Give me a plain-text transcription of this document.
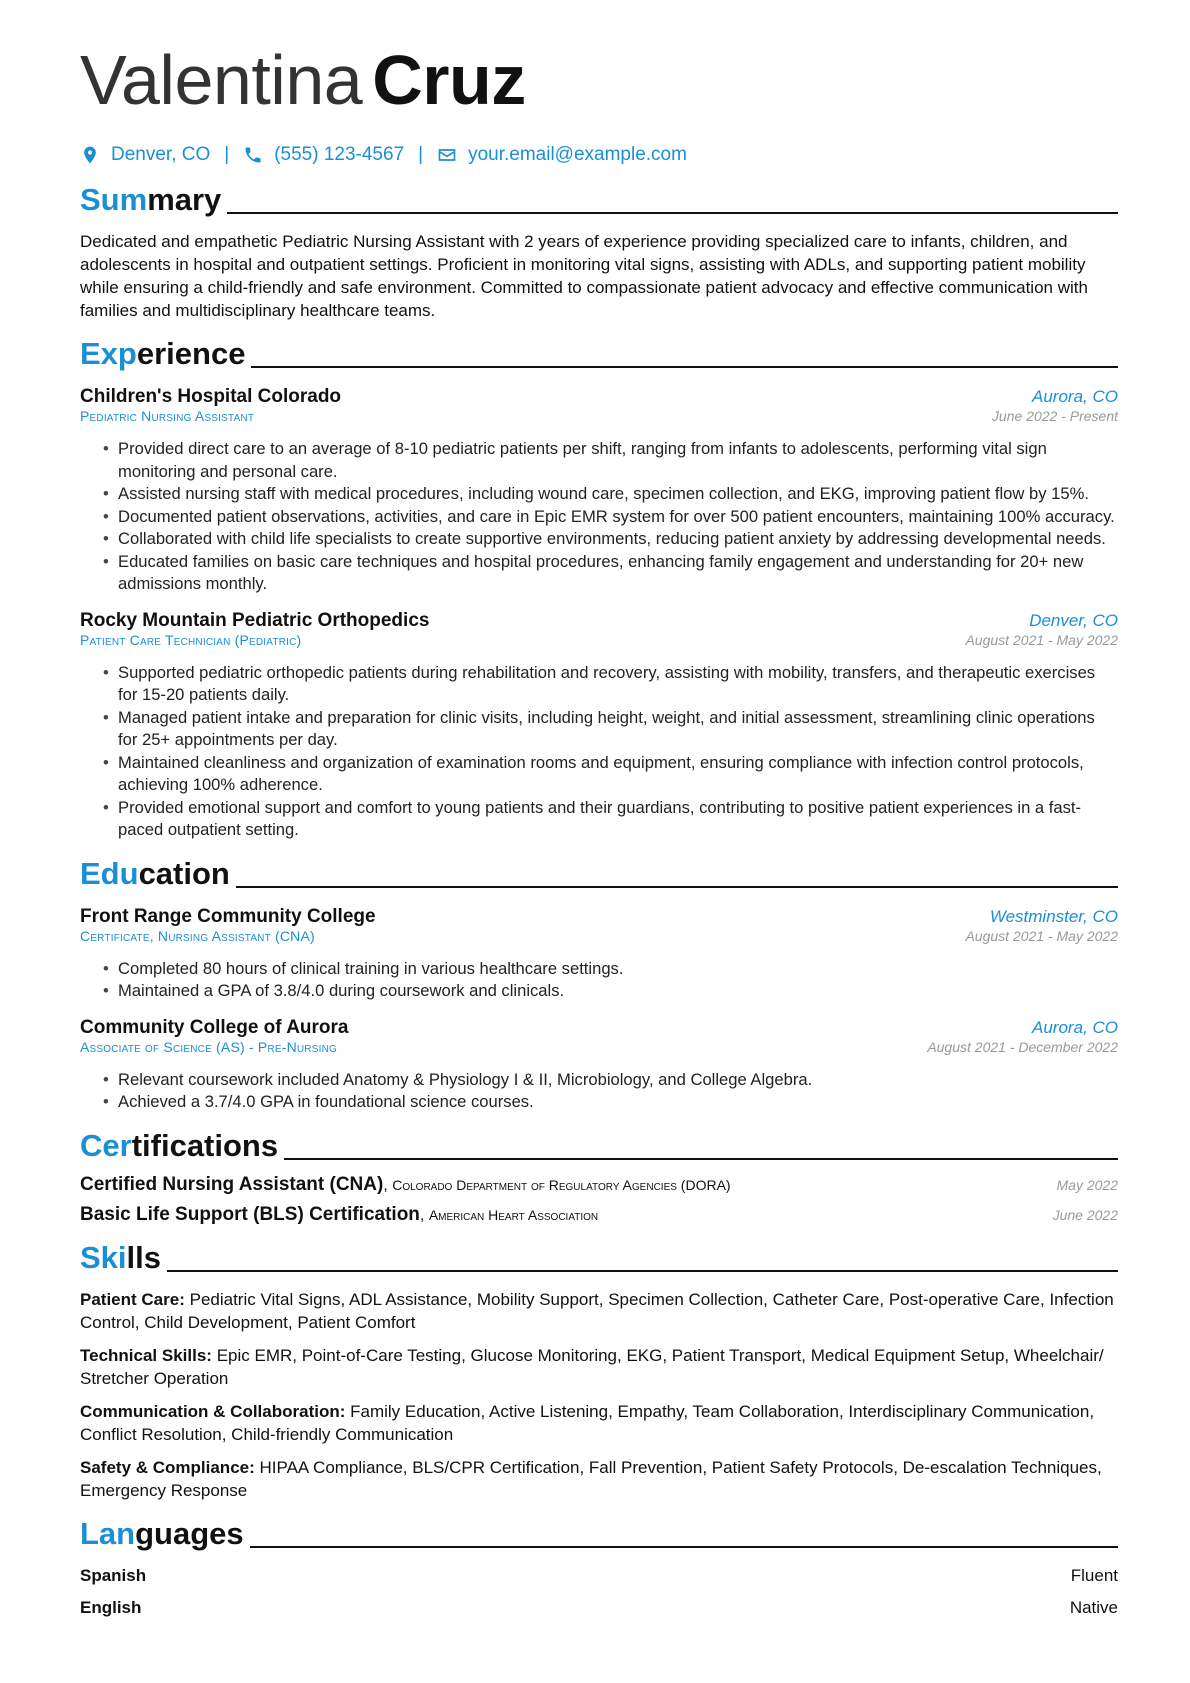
Valentina Cruz
Denver, CO | (555) 123-4567 | your.email@example.com
Summary
Dedicated and empathetic Pediatric Nursing Assistant with 2 years of experience providing specialized care to infants, children, and adolescents in hospital and outpatient settings. Proficient in monitoring vital signs, assisting with ADLs, and supporting patient mobility while ensuring a child-friendly and safe environment. Committed to compassionate patient advocacy and effective communication with families and multidisciplinary healthcare teams.
Experience
Children's Hospital Colorado	Aurora, CO
Pediatric Nursing Assistant	June 2022 - Present
• Provided direct care to an average of 8-10 pediatric patients per shift, ranging from infants to adolescents, performing vital sign monitoring and personal care.
• Assisted nursing staff with medical procedures, including wound care, specimen collection, and EKG, improving patient flow by 15%.
• Documented patient observations, activities, and care in Epic EMR system for over 500 patient encounters, maintaining 100% accuracy.
• Collaborated with child life specialists to create supportive environments, reducing patient anxiety by addressing developmental needs.
• Educated families on basic care techniques and hospital procedures, enhancing family engagement and understanding for 20+ new admissions monthly.
Rocky Mountain Pediatric Orthopedics	Denver, CO
Patient Care Technician (Pediatric)	August 2021 - May 2022
• Supported pediatric orthopedic patients during rehabilitation and recovery, assisting with mobility, transfers, and therapeutic exercises for 15-20 patients daily.
• Managed patient intake and preparation for clinic visits, including height, weight, and initial assessment, streamlining clinic operations for 25+ appointments per day.
• Maintained cleanliness and organization of examination rooms and equipment, ensuring compliance with infection control protocols, achieving 100% adherence.
• Provided emotional support and comfort to young patients and their guardians, contributing to positive patient experiences in a fast-paced outpatient setting.
Education
Front Range Community College	Westminster, CO
Certificate, Nursing Assistant (CNA)	August 2021 - May 2022
• Completed 80 hours of clinical training in various healthcare settings.
• Maintained a GPA of 3.8/4.0 during coursework and clinicals.
Community College of Aurora	Aurora, CO
Associate of Science (AS) - Pre-Nursing	August 2021 - December 2022
• Relevant coursework included Anatomy & Physiology I & II, Microbiology, and College Algebra.
• Achieved a 3.7/4.0 GPA in foundational science courses.
Certifications
Certified Nursing Assistant (CNA), Colorado Department of Regulatory Agencies (DORA)	May 2022
Basic Life Support (BLS) Certification, American Heart Association	June 2022
Skills
Patient Care: Pediatric Vital Signs, ADL Assistance, Mobility Support, Specimen Collection, Catheter Care, Post-operative Care, Infection Control, Child Development, Patient Comfort
Technical Skills: Epic EMR, Point-of-Care Testing, Glucose Monitoring, EKG, Patient Transport, Medical Equipment Setup, Wheelchair/ Stretcher Operation
Communication & Collaboration: Family Education, Active Listening, Empathy, Team Collaboration, Interdisciplinary Communication, Conflict Resolution, Child-friendly Communication
Safety & Compliance: HIPAA Compliance, BLS/CPR Certification, Fall Prevention, Patient Safety Protocols, De-escalation Techniques, Emergency Response
Languages
Spanish	Fluent
English	Native
